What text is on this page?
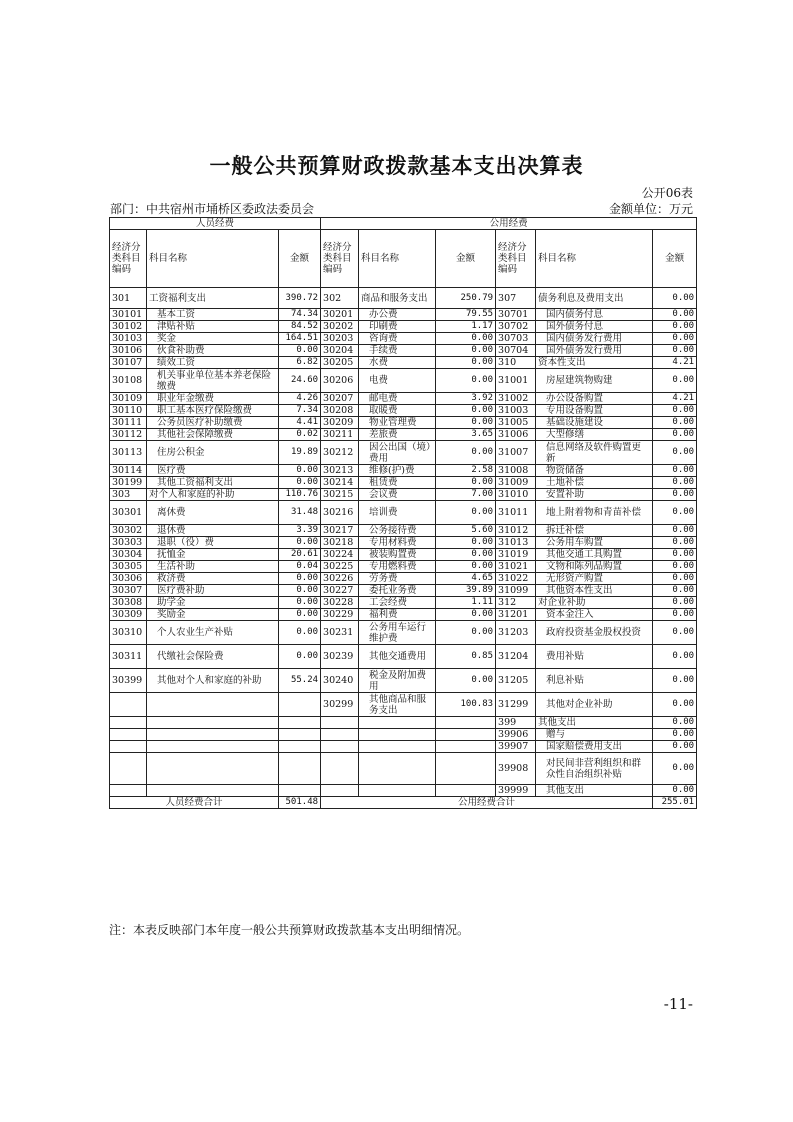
一般公共预算财政拨款基本支出决算表
公开06表
部门：中共宿州市埇桥区委政法委员会	金额单位：万元
人员经费			公用经费					
经济分类科目编码	科目名称	金额	经济分类科目编码	科目名称	金额	经济分类科目编码	科目名称	金额
301	工资福利支出	390.72	302	商品和服务支出	250.79	307	债务利息及费用支出	0.00
30101	基本工资	74.34	30201	办公费	79.55	30701	国内债务付息	0.00
30102	津贴补贴	84.52	30202	印刷费	1.17	30702	国外债务付息	0.00
30103	奖金	164.51	30203	咨询费	0.00	30703	国内债务发行费用	0.00
30106	伙食补助费	0.00	30204	手续费	0.00	30704	国外债务发行费用	0.00
30107	绩效工资	6.82	30205	水费	0.00	310	资本性支出	4.21
30108	机关事业单位基本养老保险缴费	24.60	30206	电费	0.00	31001	房屋建筑物购建	0.00
30109	职业年金缴费	4.26	30207	邮电费	3.92	31002	办公设备购置	4.21
30110	职工基本医疗保险缴费	7.34	30208	取暖费	0.00	31003	专用设备购置	0.00
30111	公务员医疗补助缴费	4.41	30209	物业管理费	0.00	31005	基础设施建设	0.00
30112	其他社会保障缴费	0.02	30211	差旅费	3.65	31006	大型修缮	0.00
30113	住房公积金	19.89	30212	因公出国（境）费用	0.00	31007	信息网络及软件购置更新	0.00
30114	医疗费	0.00	30213	维修(护)费	2.58	31008	物资储备	0.00
30199	其他工资福利支出	0.00	30214	租赁费	0.00	31009	土地补偿	0.00
303	对个人和家庭的补助	110.76	30215	会议费	7.00	31010	安置补助	0.00
30301	离休费	31.48	30216	培训费	0.00	31011	地上附着物和青苗补偿	0.00
30302	退休费	3.39	30217	公务接待费	5.60	31012	拆迁补偿	0.00
30303	退职（役）费	0.00	30218	专用材料费	0.00	31013	公务用车购置	0.00
30304	抚恤金	20.61	30224	被装购置费	0.00	31019	其他交通工具购置	0.00
30305	生活补助	0.04	30225	专用燃料费	0.00	31021	文物和陈列品购置	0.00
30306	救济费	0.00	30226	劳务费	4.65	31022	无形资产购置	0.00
30307	医疗费补助	0.00	30227	委托业务费	39.89	31099	其他资本性支出	0.00
30308	助学金	0.00	30228	工会经费	1.11	312	对企业补助	0.00
30309	奖励金	0.00	30229	福利费	0.00	31201	资本金注入	0.00
30310	个人农业生产补贴	0.00	30231	公务用车运行维护费	0.00	31203	政府投资基金股权投资	0.00
30311	代缴社会保险费	0.00	30239	其他交通费用	0.85	31204	费用补贴	0.00
30399	其他对个人和家庭的补助	55.24	30240	税金及附加费用	0.00	31205	利息补贴	0.00
			30299	其他商品和服务支出	100.83	31299	其他对企业补助	0.00
						399	其他支出	0.00
						39906	赠与	0.00
						39907	国家赔偿费用支出	0.00
						39908	对民间非营利组织和群众性自治组织补贴	0.00
						39999	其他支出	0.00
人员经费合计		501.48	公用经费合计					255.01
注：本表反映部门本年度一般公共预算财政拨款基本支出明细情况。
-11-
